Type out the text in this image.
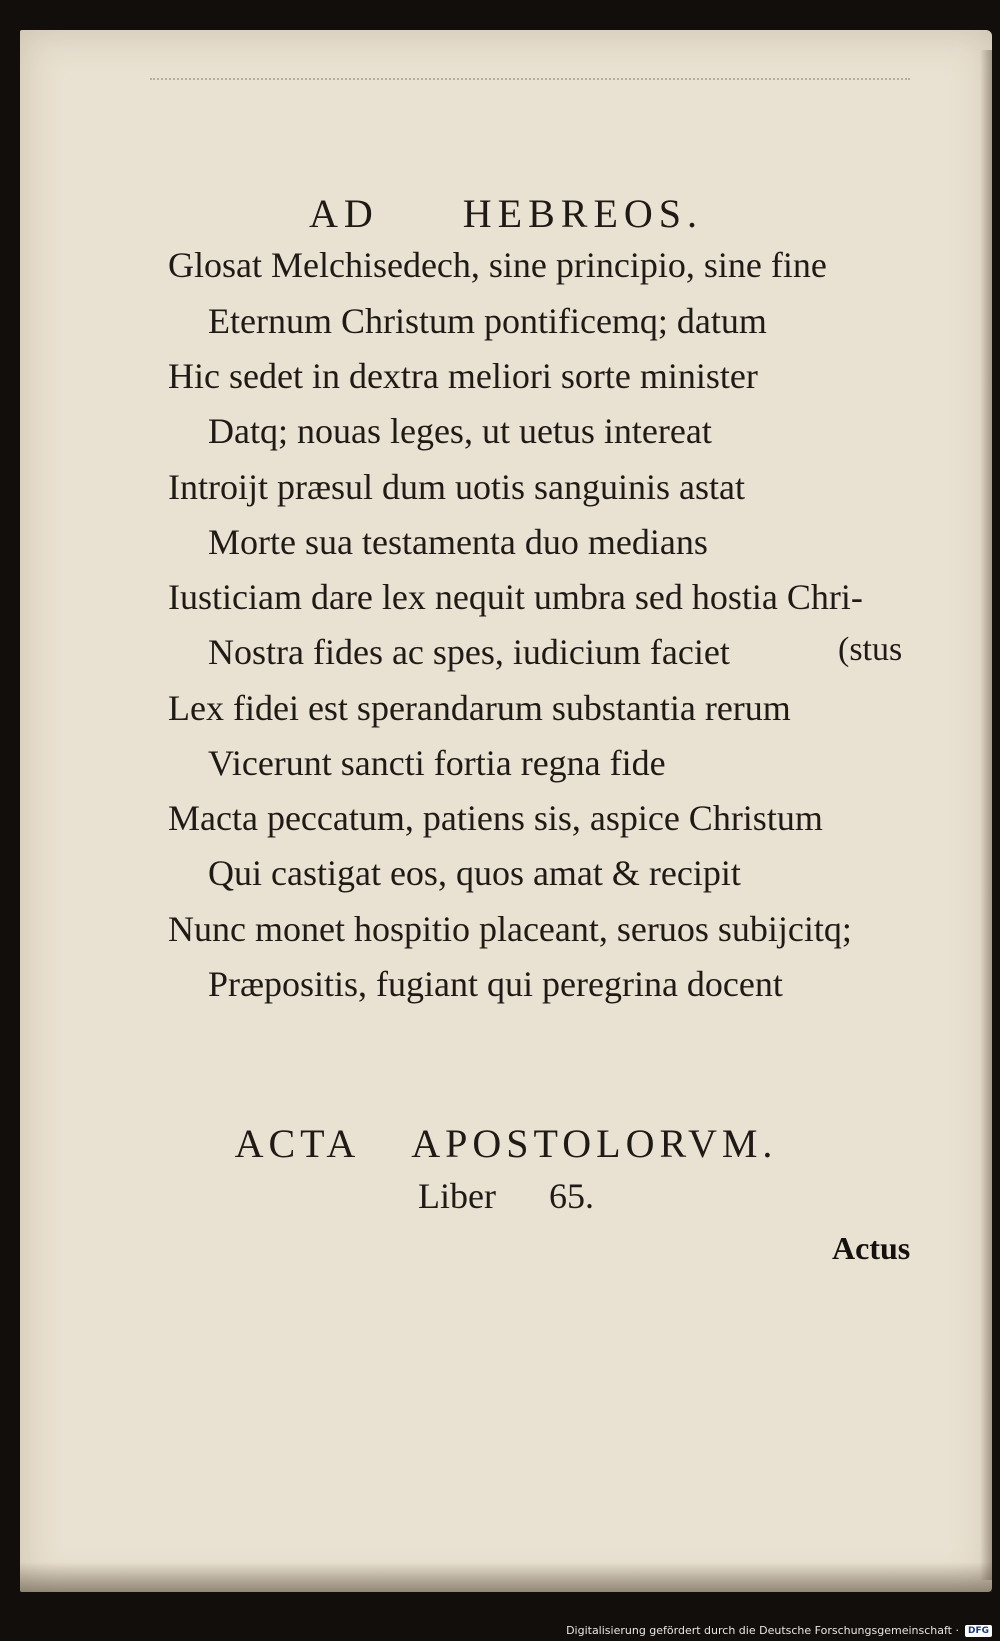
AD HEBREOS.
Glosat Melchisedech, sine principio, sine fine
Eternum Christum pontificemq; datum
Hic sedet in dextra meliori sorte minister
Datq; nouas leges, ut uetus intereat
Introijt præsul dum uotis sanguinis astat
Morte sua testamenta duo medians
Iusticiam dare lex nequit umbra sed hostia Chri-
Nostra fides ac spes, iudicium faciet	(stus
Lex fidei est sperandarum substantia rerum
Vicerunt sancti fortia regna fide
Macta peccatum, patiens sis, aspice Christum
Qui castigat eos, quos amat & recipit
Nunc monet hospitio placeant, seruos subijcitq;
Præpositis, fugiant qui peregrina docent
ACTA APOSTOLORVM.
Liber 65.
Actus
Digitalisierung gefördert durch die Deutsche Forschungsgemeinschaft ·	DFG
